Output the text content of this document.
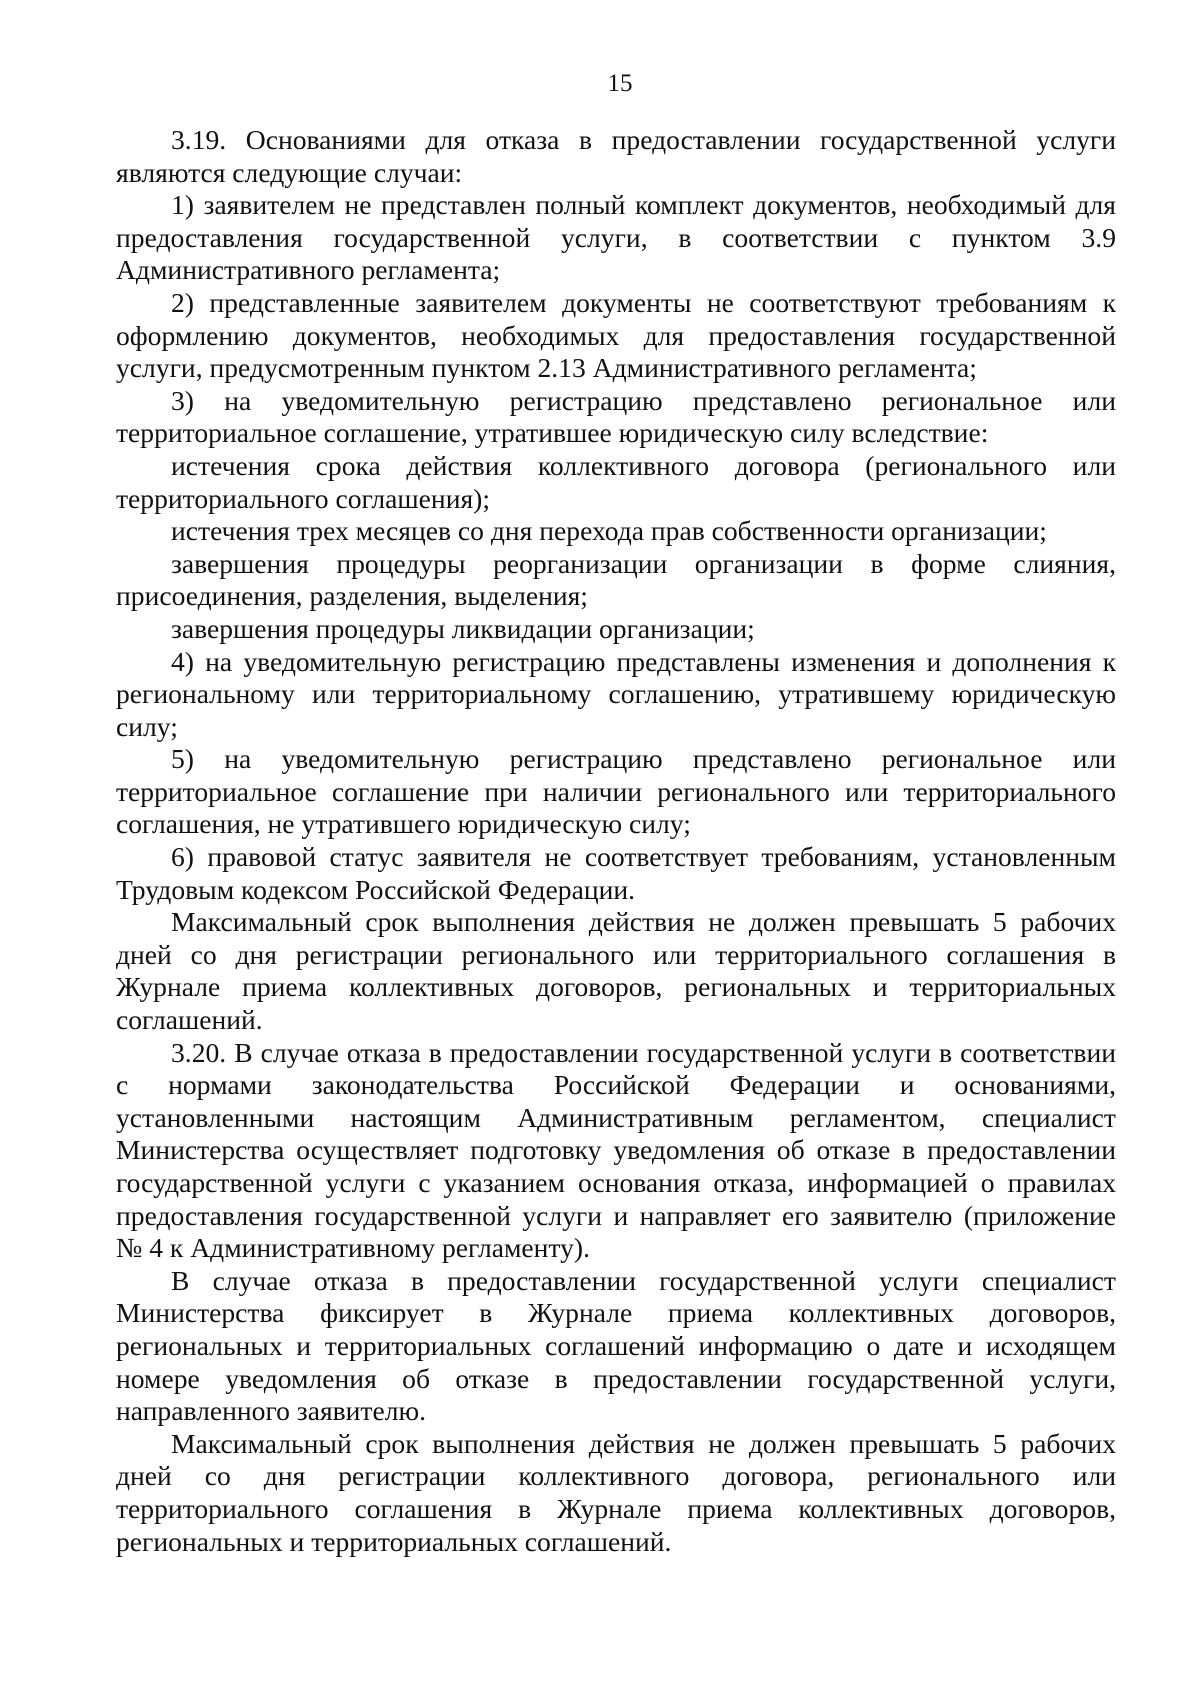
15

3.19. Основаниями для отказа в предоставлении государственной услуги являются следующие случаи:

1) заявителем не представлен полный комплект документов, необходимый для предоставления государственной услуги, в соответствии с пунктом 3.9 Административного регламента;

2) представленные заявителем документы не соответствуют требованиям к оформлению документов, необходимых для предоставления государственной услуги, предусмотренным пунктом 2.13 Административного регламента;

3) на уведомительную регистрацию представлено региональное или территориальное соглашение, утратившее юридическую силу вследствие:

истечения срока действия коллективного договора (регионального или территориального соглашения);

истечения трех месяцев со дня перехода прав собственности организации;

завершения процедуры реорганизации организации в форме слияния, присоединения, разделения, выделения;

завершения процедуры ликвидации организации;

4) на уведомительную регистрацию представлены изменения и дополнения к региональному или территориальному соглашению, утратившему юридическую силу;

5) на уведомительную регистрацию представлено региональное или территориальное соглашение при наличии регионального или территориального соглашения, не утратившего юридическую силу;

6) правовой статус заявителя не соответствует требованиям, установленным Трудовым кодексом Российской Федерации.

Максимальный срок выполнения действия не должен превышать 5 рабочих дней со дня регистрации регионального или территориального соглашения в Журнале приема коллективных договоров, региональных и территориальных соглашений.

3.20. В случае отказа в предоставлении государственной услуги в соответствии с нормами законодательства Российской Федерации и основаниями, установленными настоящим Административным регламентом, специалист Министерства осуществляет подготовку уведомления об отказе в предоставлении государственной услуги с указанием основания отказа, информацией о правилах предоставления государственной услуги и направляет его заявителю (приложение № 4 к Административному регламенту).

В случае отказа в предоставлении государственной услуги специалист Министерства фиксирует в Журнале приема коллективных договоров, региональных и территориальных соглашений информацию о дате и исходящем номере уведомления об отказе в предоставлении государственной услуги, направленного заявителю.

Максимальный срок выполнения действия не должен превышать 5 рабочих дней со дня регистрации коллективного договора, регионального или территориального соглашения в Журнале приема коллективных договоров, региональных и территориальных соглашений.
